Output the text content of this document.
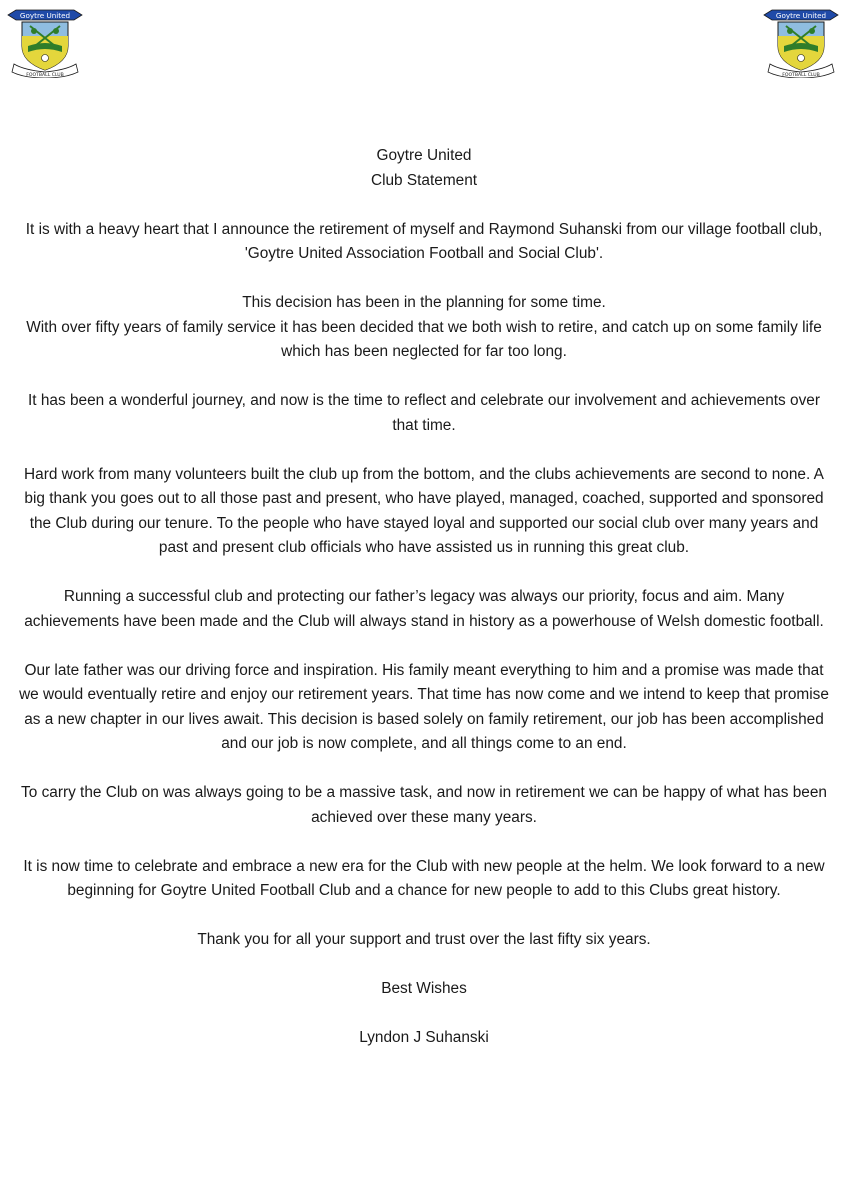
Goytre United
FOOTBALL CLUB
Goytre United
FOOTBALL CLUB

Goytre United

Club Statement

It is with a heavy heart that I announce the retirement of myself and Raymond Suhanski from our village football club, 'Goytre United Association Football and Social Club'.

This decision has been in the planning for some time.

With over fifty years of family service it has been decided that we both wish to retire, and catch up on some family life which has been neglected for far too long.

It has been a wonderful journey, and now is the time to reflect and celebrate our involvement and achievements over that time.

Hard work from many volunteers built the club up from the bottom, and the clubs achievements are second to none. A big thank you goes out to all those past and present, who have played, managed, coached, supported and sponsored the Club during our tenure. To the people who have stayed loyal and supported our social club over many years and past and present club officials who have assisted us in running this great club.

Running a successful club and protecting our father’s legacy was always our priority, focus and aim. Many achievements have been made and the Club will always stand in history as a powerhouse of Welsh domestic football.

Our late father was our driving force and inspiration. His family meant everything to him and a promise was made that we would eventually retire and enjoy our retirement years. That time has now come and we intend to keep that promise as a new chapter in our lives await. This decision is based solely on family retirement, our job has been accomplished and our job is now complete, and all things come to an end.

To carry the Club on was always going to be a massive task, and now in retirement we can be happy of what has been achieved over these many years.

It is now time to celebrate and embrace a new era for the Club with new people at the helm. We look forward to a new beginning for Goytre United Football Club and a chance for new people to add to this Clubs great history.

Thank you for all your support and trust over the last fifty six years.

Best Wishes

Lyndon J Suhanski
